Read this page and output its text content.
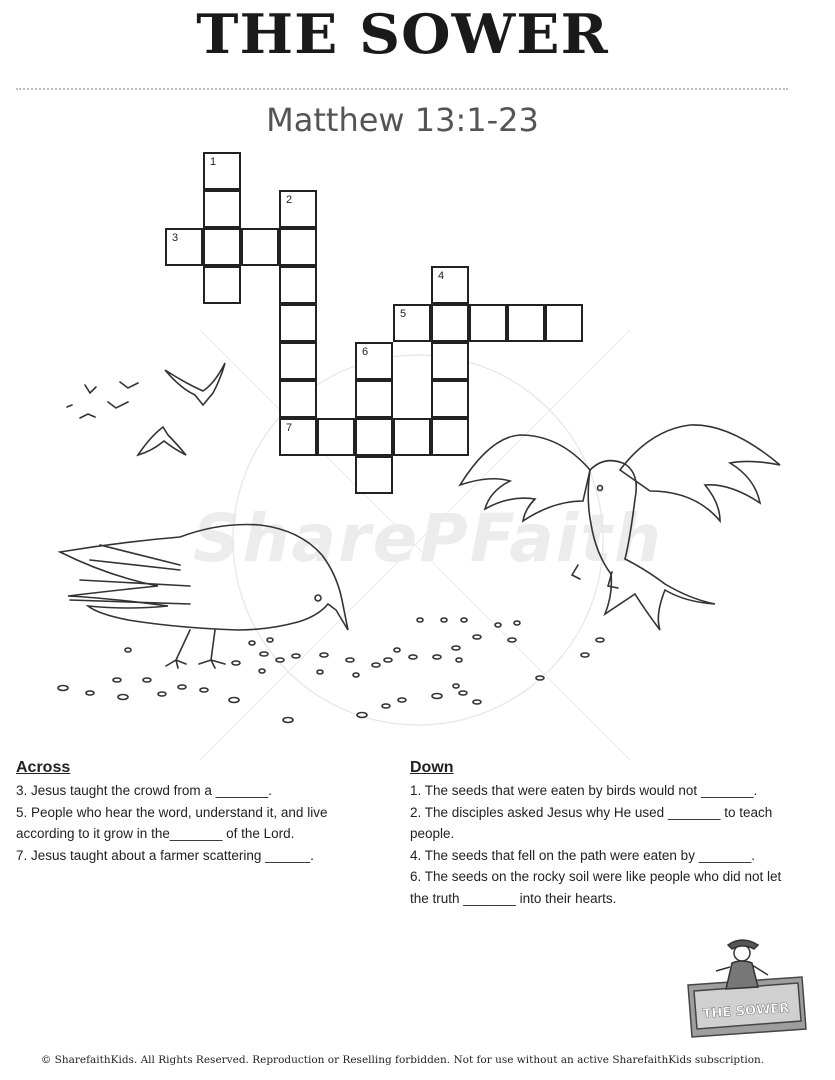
THE SOWER
Matthew 13:1-23
SharePFaith
1
2
7
3
4
5
6
Across

3. Jesus taught the crowd from a _______.

5. People who hear the word, understand it, and live according to it grow in the_______ of the Lord.

7. Jesus taught about a farmer scattering ______.

Down

1. The seeds that were eaten by birds would not _______.

2. The disciples asked Jesus why He used _______ to teach people.

4. The seeds that fell on the path were eaten by _______.

6. The seeds on the rocky soil were like people who did not let the truth _______ into their hearts.

THE SOWER
© SharefaithKids. All Rights Reserved. Reproduction or Reselling forbidden. Not for use without an active SharefaithKids subscription.
